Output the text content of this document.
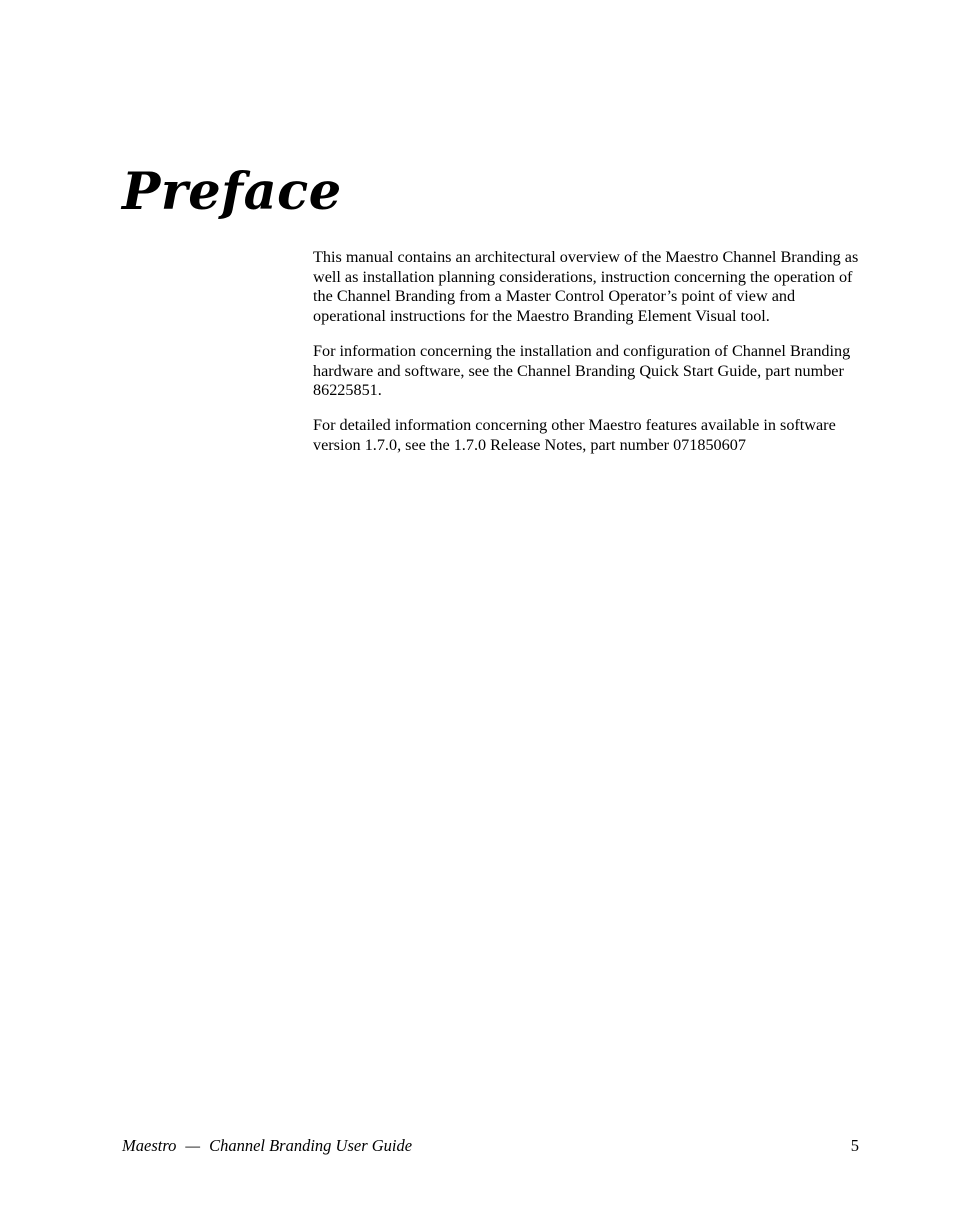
Preface

This manual contains an architectural overview of the Maestro Channel Branding as well as installation planning considerations, instruction concerning the operation of the Channel Branding from a Master Control Operator’s point of view and operational instructions for the Maestro Branding Element Visual tool.

For information concerning the installation and configuration of Channel Branding hardware and software, see the Channel Branding Quick Start Guide, part number 86225851.

For detailed information concerning other Maestro features available in software version 1.7.0, see the 1.7.0 Release Notes, part number 071850607

Maestro — Channel Branding User Guide	5
